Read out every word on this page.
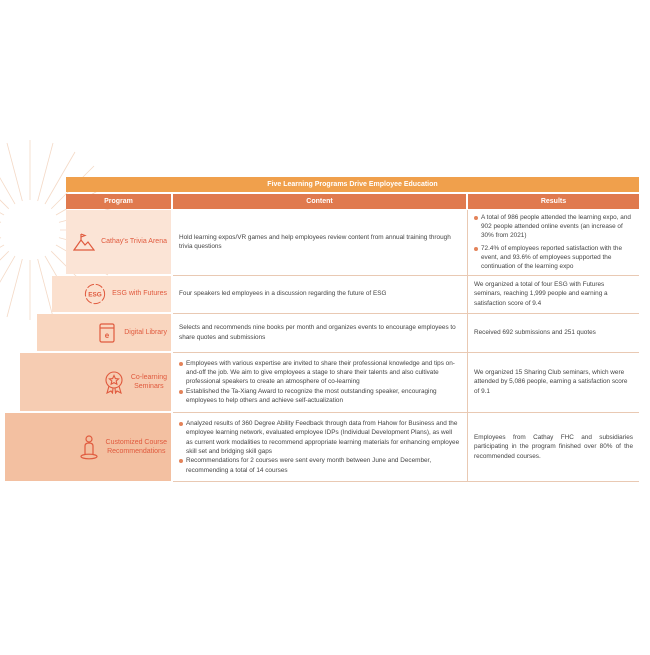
Five Learning Programs Drive Employee Education
Program	Content	Results
Cathay's Trivia Arena
ESG ESG with Futures
e Digital Library
Co-learning
Seminars
Customized Course
Recommendations
Hold learning expos/VR games and help employees review content from annual training through trivia questions
A total of 986 people attended the learning expo, and 902 people attended online events (an increase of 30% from 2021)
72.4% of employees reported satisfaction with the event, and 93.6% of employees supported the continuation of the learning expo
Four speakers led employees in a discussion regarding the future of ESG
We organized a total of four ESG with Futures seminars, reaching 1,999 people and earning a satisfaction score of 9.4
Selects and recommends nine books per month and organizes events to encourage employees to share quotes and submissions
Received 692 submissions and 251 quotes
Employees with various expertise are invited to share their professional knowledge and tips on-and-off the job. We aim to give employees a stage to share their talents and also cultivate professional speakers to create an atmosphere of co-learning
Established the Ta-Xiang Award to recognize the most outstanding speaker, encouraging employees to help others and achieve self-actualization
We organized 15 Sharing Club seminars, which were attended by 5,086 people, earning a satisfaction score of 9.1
Analyzed results of 360 Degree Ability Feedback through data from Hahow for Business and the employee learning network, evaluated employee IDPs (Individual Development Plans), as well as current work modalities to recommend appropriate learning materials for enhancing employee skill set and bridging skill gaps
Recommendations for 2 courses were sent every month between June and December, recommending a total of 14 courses
Employees from Cathay FHC and subsidiaries participating in the program finished over 80% of the recommended courses.
